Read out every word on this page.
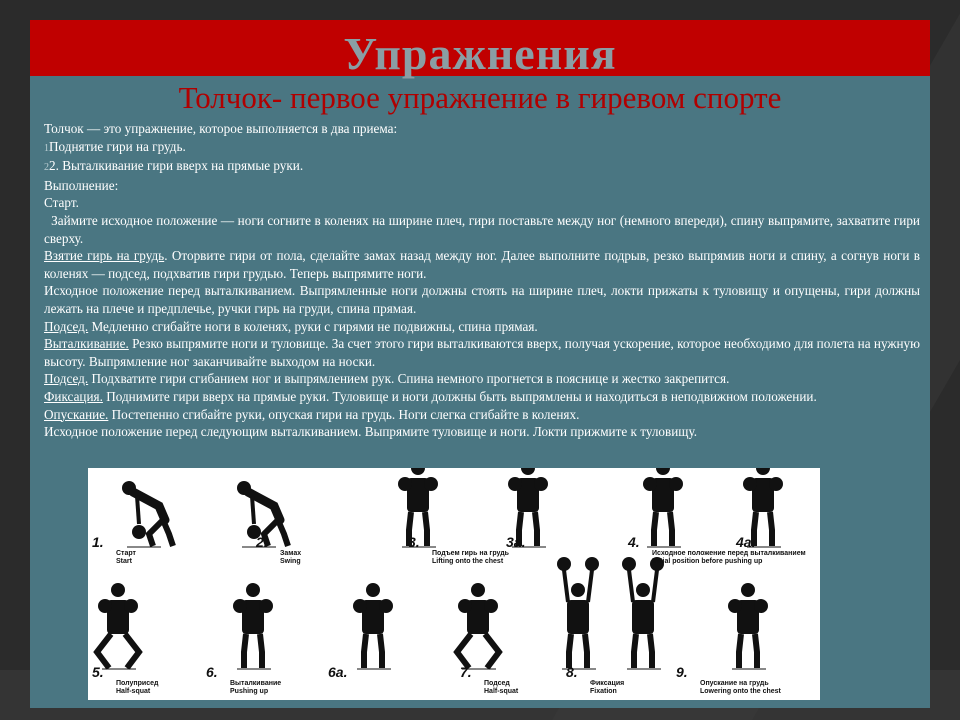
Упражнения
Толчок- первое упражнение в гиревом спорте

Толчок — это упражнение, которое выполняется в два приема:

1Поднятие гири на грудь.

22. Выталкивание гири вверх на прямые руки.

Выполнение:

Старт.

Займите исходное положение — ноги согните в коленях на ширине плеч, гири поставьте между ног (немного впереди), спину выпрямите, захватите гири сверху.

Взятие гирь на грудь. Оторвите гири от пола, сделайте замах назад между ног. Далее выполните подрыв, резко выпрямив ноги и спину, а согнув ноги в коленях — подсед, подхватив гири грудью. Теперь выпрямите ноги.

Исходное положение перед выталкиванием. Выпрямленные ноги должны стоять на ширине плеч, локти прижаты к туловищу и опущены, гири должны лежать на плече и предплечье, ручки гирь на груди, спина прямая.

Подсед. Медленно сгибайте ноги в коленях, руки с гирями не подвижны, спина прямая.

Выталкивание. Резко выпрямите ноги и туловище. За счет этого гири выталкиваются вверх, получая ускорение, которое необходимо для полета на нужную высоту. Выпрямление ног заканчивайте выходом на носки.

Подсед. Подхватите гири сгибанием ног и выпрямлением рук. Спина немного прогнется в пояснице и жестко закрепится.

Фиксация. Поднимите гири вверх на прямые руки. Туловище и ноги должны быть выпрямлены и находиться в неподвижном положении.

Опускание. Постепенно сгибайте руки, опуская гири на грудь. Ноги слегка сгибайте в коленях.

Исходное положение перед следующим выталкиванием. Выпрямите туловище и ноги. Локти прижмите к туловищу.

1.
Старт
Start
2.
Замах
Swing
3.
Подъем гирь на грудь
Lifting onto the chest
3а.	4.
Исходное положение перед выталкиванием
Initial position before pushing up
4а.
5.
Полуприсед
Half-squat
6.
Выталкивание
Pushing up
6а.	7.
Подсед
Half-squat
8.
Фиксация
Fixation
9.
Опускание на грудь
Lowering onto the chest
